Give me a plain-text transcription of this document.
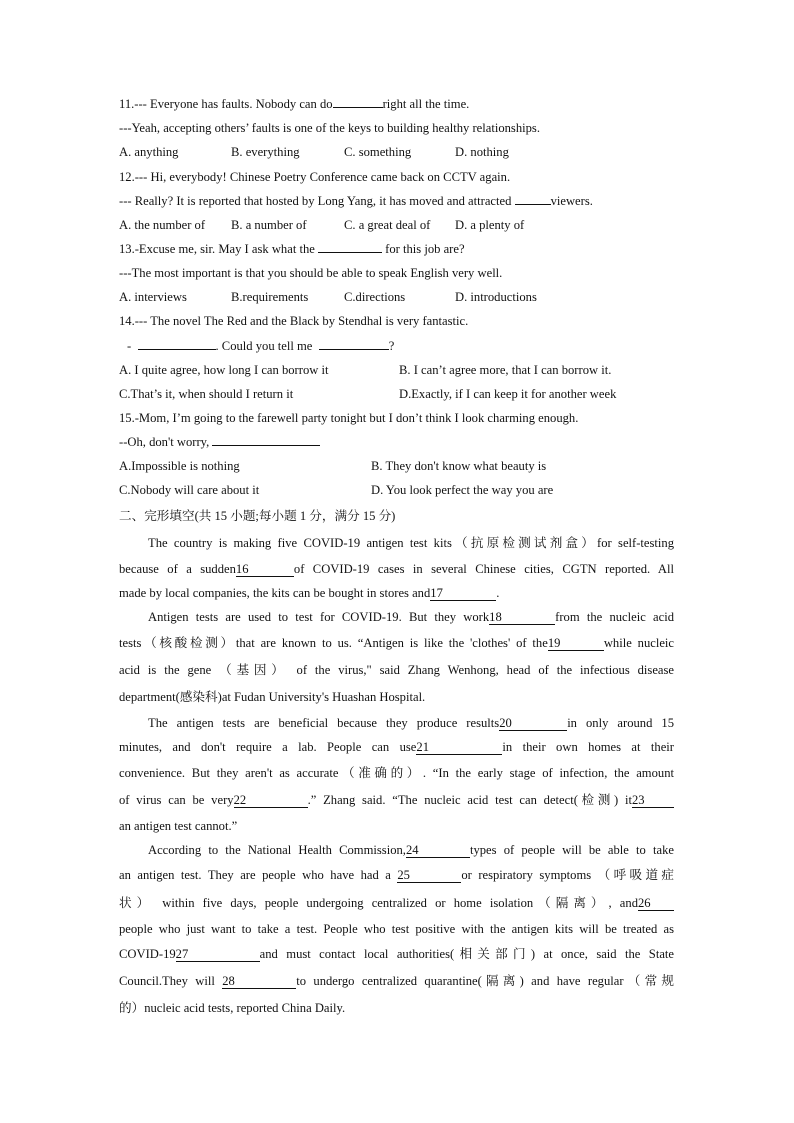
11.--- Everyone has faults. Nobody can do	right all the time.
---Yeah, accepting others’ faults is one of the keys to building healthy relationships.
A. anything	B. everything	C. something	D. nothing
12.--- Hi, everybody! Chinese Poetry Conference came back on CCTV again.
--- Really? It is reported that hosted by Long Yang, it has moved and attracted	viewers.
A. the number of B. a number of	C. a great deal of D. a plenty of
13.-Excuse me, sir. May I ask what the	for this job are?
---The most important is that you should be able to speak English very well.
A. interviews	B.requirements	C.directions	D. introductions
14.--- The novel The Red and the Black by Stendhal is very fantastic.
-	. Could you tell me	?
A. I quite agree, how long I can borrow it	B. I can’t agree more, that I can borrow it.
C.That’s it, when should I return it	D.Exactly, if I can keep it for another week
15.-Mom, I’m going to the farewell party tonight but I don’t think I look charming enough.
--Oh, don't worry,
A.Impossible is nothing	B. They don't know what beauty is
C.Nobody will care about it	D. You look perfect the way you are
二、完形填空(共 15 小题;每小题 1 分，满分 15 分)
The country is making five COVID-19 antigen test kits（抗原检测试剂盒）for self-testing
because of a sudden16	of COVID-19 cases in several Chinese cities, CGTN reported. All
made by local companies, the kits can be bought in stores and17	.
Antigen tests are used to test for COVID-19. But they work18	from the nucleic acid
tests（核酸检测）that are known to us. “Antigen is like the 'clothes' of the19	while nucleic
acid is the gene （基因） of the virus," said Zhang Wenhong, head of the infectious disease
department(感染科)at Fudan University's Huashan Hospital.
The antigen tests are beneficial because they produce results20	in only around 15
minutes, and don't require a lab. People can use21	in their own homes at their
convenience. But they aren't as accurate（准确的）. “In the early stage of infection, the amount
of virus can be very22	.” Zhang said. “The nucleic acid test can detect(检测) it23
an antigen test cannot.”
According to the National Health Commission,24	types of people will be able to take
an antigen test. They are people who have had a 25	or respiratory symptoms （呼吸道症
状） within five days, people undergoing centralized or home isolation（隔离）, and26
people who just want to take a test. People who test positive with the antigen kits will be treated as
COVID-1927	and must contact local authorities(相关部门) at once, said the State
Council.They will 28	to undergo centralized quarantine(隔离) and have regular（常规
的）nucleic acid tests, reported China Daily.
